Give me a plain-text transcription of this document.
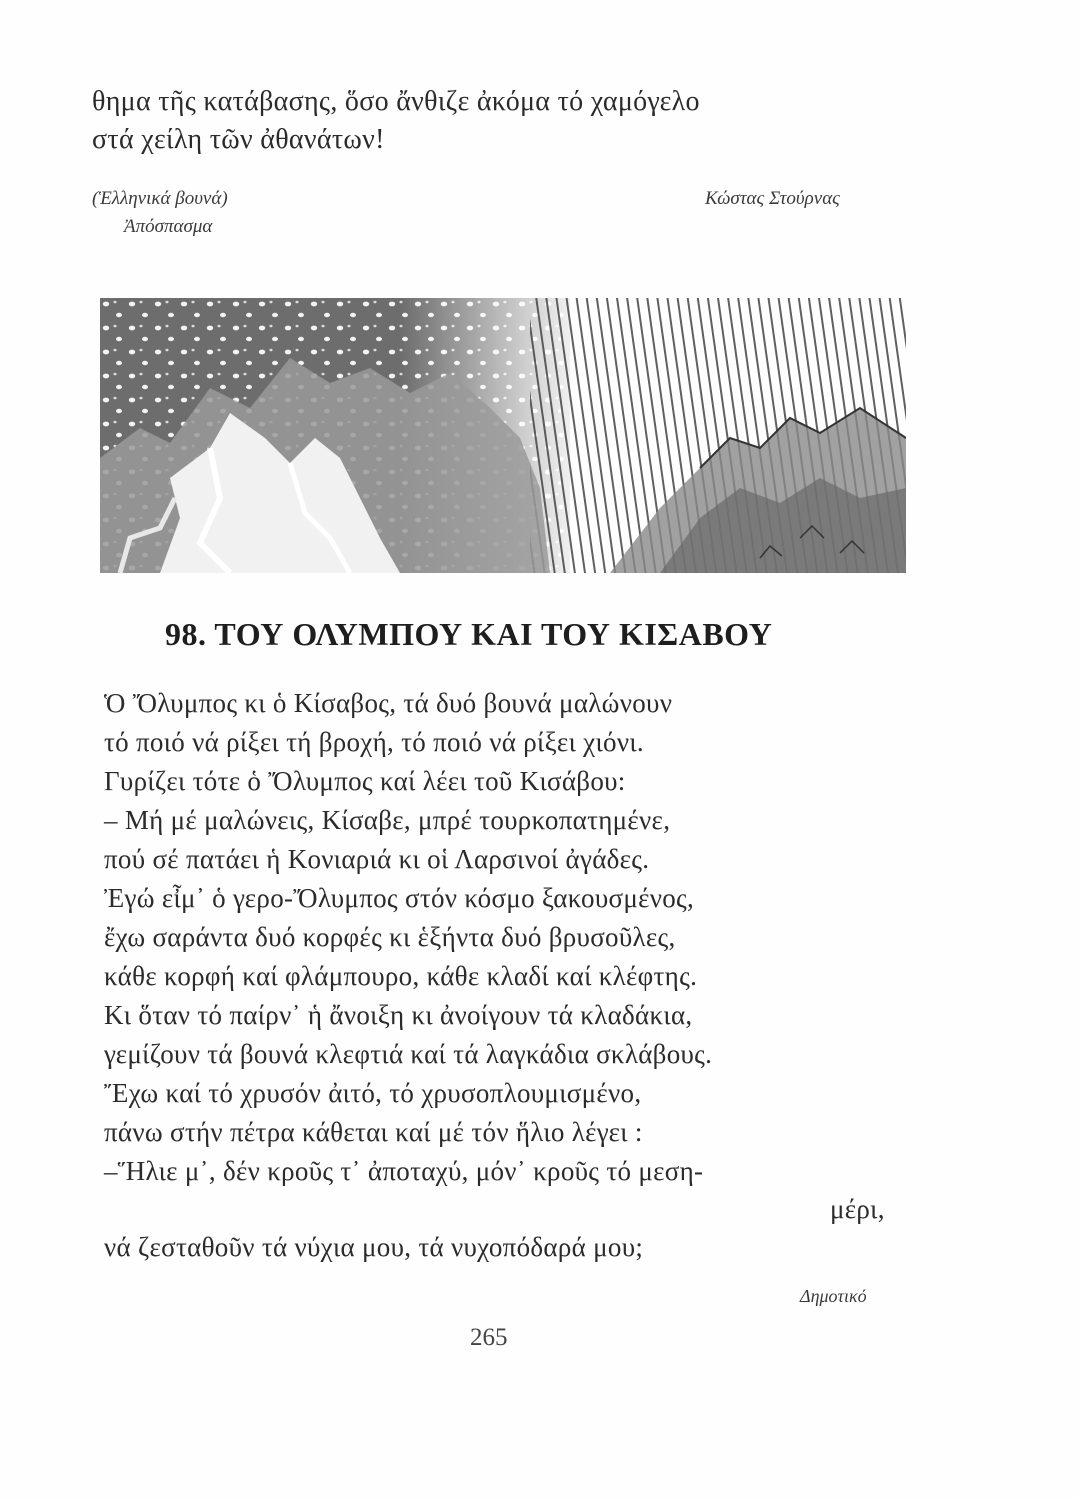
θημα τῆς κατάβασης, ὅσο ἄνθιζε ἀκόμα τό χαμόγελο
στά χείλη τῶν ἀθανάτων!
(Ἑλληνικά βουνά)
Ἀπόσπασμα
Κώστας Στούρνας
98. ΤΟΥ ΟΛΥΜΠΟΥ ΚΑΙ ΤΟΥ ΚΙΣΑΒΟΥ
Ὁ Ὄλυμπος κι ὁ Κίσαβος, τά δυό βουνά μαλώνουν
τό ποιό νά ρίξει τή βροχή, τό ποιό νά ρίξει χιόνι.
Γυρίζει τότε ὁ Ὄλυμπος καί λέει τοῦ Κισάβου:
– Μή μέ μαλώνεις, Κίσαβε, μπρέ τουρκοπατημένε,
πού σέ πατάει ἡ Κονιαριά κι οἱ Λαρσινοί ἀγάδες.
Ἐγώ εἶμ᾽ ὁ γερο-Ὄλυμπος στόν κόσμο ξακουσμένος,
ἔχω σαράντα δυό κορφές κι ἑξήντα δυό βρυσοῦλες,
κάθε κορφή καί φλάμπουρο, κάθε κλαδί καί κλέφτης.
Κι ὅταν τό παίρν᾽ ἡ ἄνοιξη κι ἀνοίγουν τά κλαδάκια,
γεμίζουν τά βουνά κλεφτιά καί τά λαγκάδια σκλάβους.
Ἔχω καί τό χρυσόν ἀιτό, τό χρυσοπλουμισμένο,
πάνω στήν πέτρα κάθεται καί μέ τόν ἥλιο λέγει :
–Ἥλιε μ᾽, δέν κροῦς τ᾽ ἀποταχύ, μόν᾽ κροῦς τό μεση-
μέρι,
νά ζεσταθοῦν τά νύχια μου, τά νυχοπόδαρά μου;
Δημοτικό
265
